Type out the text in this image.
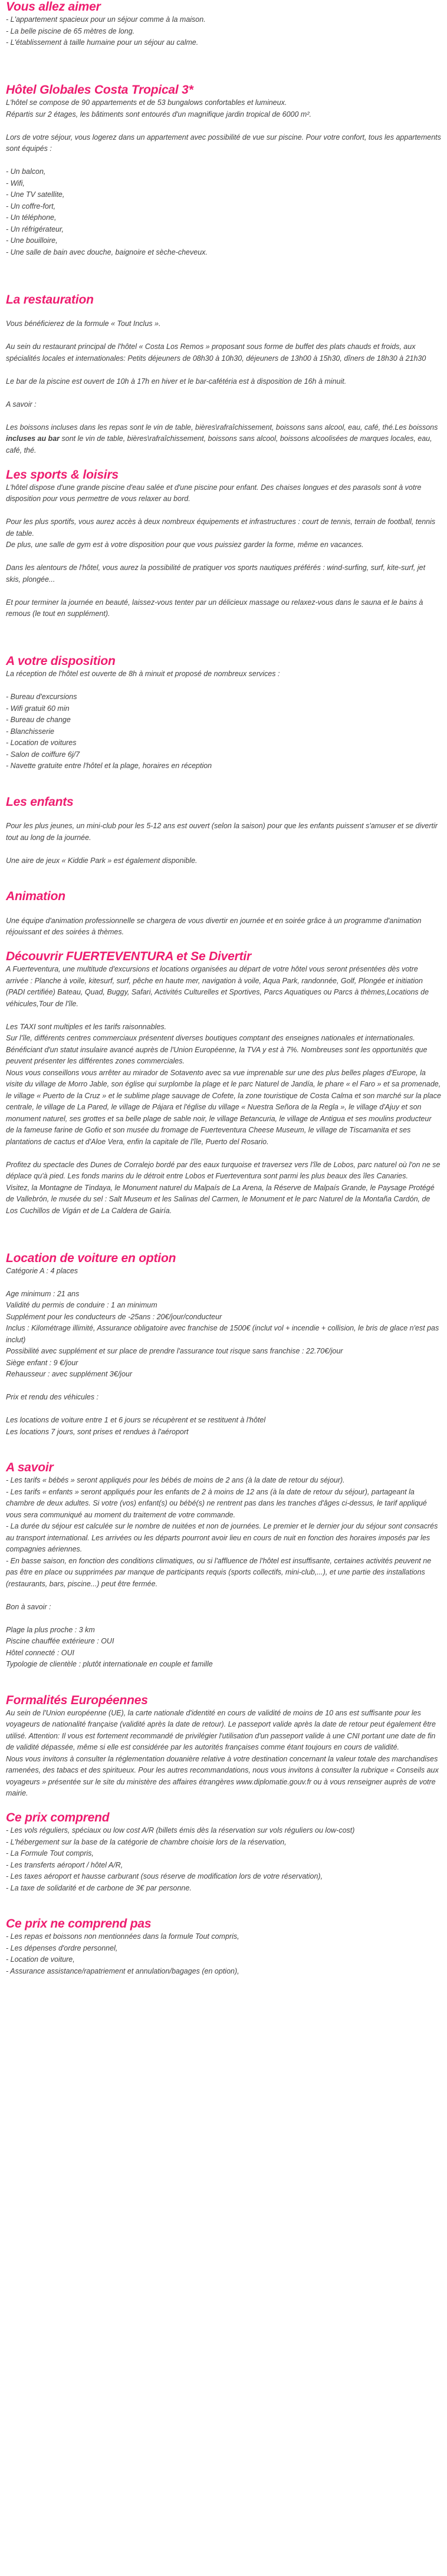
Vous allez aimer

- L'appartement spacieux pour un séjour comme à la maison.

- La belle piscine de 65 mètres de long.

- L'établissement à taille humaine pour un séjour au calme.

Hôtel Globales Costa Tropical 3*

L'hôtel se compose de 90 appartements et de 53 bungalows confortables et lumineux.

Répartis sur 2 étages, les bâtiments sont entourés d'un magnifique jardin tropical de 6000 m².

Lors de votre séjour, vous logerez dans un appartement avec possibilité de vue sur piscine. Pour votre confort, tous les appartements sont équipés :

- Un balcon,

- Wifi,

- Une TV satellite,

- Un coffre-fort,

- Un téléphone,

- Un réfrigérateur,

- Une bouilloire,

- Une salle de bain avec douche, baignoire et sèche-cheveux.

La restauration

Vous bénéficierez de la formule « Tout Inclus ».

Au sein du restaurant principal de l'hôtel « Costa Los Remos » proposant sous forme de buffet des plats chauds et froids, aux spécialités locales et internationales: Petits déjeuners de 08h30 à 10h30, déjeuners de 13h00 à 15h30, dîners de 18h30 à 21h30

Le bar de la piscine est ouvert de 10h à 17h en hiver et le bar-cafétéria est à disposition de 16h à minuit.

A savoir :

Les boissons incluses dans les repas sont le vin de table, bières\rafraîchissement, boissons sans alcool, eau, café, thé.Les boissons incluses au bar sont le vin de table, bières\rafraîchissement, boissons sans alcool, boissons alcoolisées de marques locales, eau, café, thé.

Les sports & loisirs

L'hôtel dispose d'une grande piscine d'eau salée et d'une piscine pour enfant. Des chaises longues et des parasols sont à votre disposition pour vous permettre de vous relaxer au bord.

Pour les plus sportifs, vous aurez accès à deux nombreux équipements et infrastructures : court de tennis, terrain de football, tennis de table.

De plus, une salle de gym est à votre disposition pour que vous puissiez garder la forme, même en vacances.

Dans les alentours de l'hôtel, vous aurez la possibilité de pratiquer vos sports nautiques préférés : wind-surfing, surf, kite-surf, jet skis, plongée...

Et pour terminer la journée en beauté, laissez-vous tenter par un délicieux massage ou relaxez-vous dans le sauna et le bains à remous (le tout en supplément).

A votre disposition

La réception de l'hôtel est ouverte de 8h à minuit et proposé de nombreux services :

- Bureau d'excursions

- Wifi gratuit 60 min

- Bureau de change

- Blanchisserie

- Location de voitures

- Salon de coiffure 6j/7

- Navette gratuite entre l'hôtel et la plage, horaires en réception

Les enfants

Pour les plus jeunes, un mini-club pour les 5-12 ans est ouvert (selon la saison) pour que les enfants puissent s'amuser et se divertir tout au long de la journée.

Une aire de jeux « Kiddie Park » est également disponible.

Animation

Une équipe d'animation professionnelle se chargera de vous divertir en journée et en soirée grâce à un programme d'animation réjouissant et des soirées à thèmes.

Découvrir FUERTEVENTURA et Se Divertir

A Fuerteventura, une multitude d'excursions et locations organisées au départ de votre hôtel vous seront présentées dès votre arrivée : Planche à voile, kitesurf, surf, pêche en haute mer, navigation à voile, Aqua Park, randonnée, Golf, Plongée et initiation (PADI certifiée) Bateau, Quad, Buggy, Safari, Activités Culturelles et Sportives, Parcs Aquatiques ou Parcs à thèmes,Locations de véhicules,Tour de l'île.

Les TAXI sont multiples et les tarifs raisonnables.

Sur l'île, différents centres commerciaux présentent diverses boutiques comptant des enseignes nationales et internationales.

Bénéficiant d'un statut insulaire avancé auprès de l'Union Européenne, la TVA y est à 7%. Nombreuses sont les opportunités que peuvent présenter les différentes zones commerciales.

Nous vous conseillons vous arrêter au mirador de Sotavento avec sa vue imprenable sur une des plus belles plages d'Europe, la visite du village de Morro Jable, son église qui surplombe la plage et le parc Naturel de Jandía, le phare « el Faro » et sa promenade, le village « Puerto de la Cruz » et le sublime plage sauvage de Cofete, la zone touristique de Costa Calma et son marché sur la place centrale, le village de La Pared, le village de Pájara et l'église du village « Nuestra Señora de la Regla », le village d'Ajuy et son monument naturel, ses grottes et sa belle plage de sable noir, le village Betancuria, le village de Antigua et ses moulins producteur de la fameuse farine de Gofio et son musée du fromage de Fuerteventura Cheese Museum, le village de Tiscamanita et ses plantations de cactus et d'Aloe Vera, enfin la capitale de l'île, Puerto del Rosario.

Profitez du spectacle des Dunes de Corralejo bordé par des eaux turquoise et traversez vers l'île de Lobos, parc naturel où l'on ne se déplace qu'à pied. Les fonds marins du le détroit entre Lobos et Fuerteventura sont parmi les plus beaux des îles Canaries.

Visitez, la Montagne de Tindaya, le Monument naturel du Malpaís de La Arena, la Réserve de Malpaís Grande, le Paysage Protégé de Vallebrón, le musée du sel : Salt Museum et les Salinas del Carmen, le Monument et le parc Naturel de la Montaña Cardón, de Los Cuchillos de Vigán et de La Caldera de Gairía.

Location de voiture en option

Catégorie A : 4 places

Age minimum : 21 ans

Validité du permis de conduire : 1 an minimum

Supplément pour les conducteurs de -25ans : 20€/jour/conducteur

Inclus : Kilométrage illimité, Assurance obligatoire avec franchise de 1500€ (inclut vol + incendie + collision, le bris de glace n'est pas inclut)

Possibilité avec supplément et sur place de prendre l'assurance tout risque sans franchise : 22.70€/jour

Siège enfant : 9 €/jour

Rehausseur : avec supplément 3€/jour

Prix et rendu des véhicules :

Les locations de voiture entre 1 et 6 jours se récupèrent et se restituent à l'hôtel

Les locations 7 jours, sont prises et rendues à l'aéroport

A savoir

- Les tarifs « bébés » seront appliqués pour les bébés de moins de 2 ans (à la date de retour du séjour).

- Les tarifs « enfants » seront appliqués pour les enfants de 2 à moins de 12 ans (à la date de retour du séjour), partageant la chambre de deux adultes. Si votre (vos) enfant(s) ou bébé(s) ne rentrent pas dans les tranches d'âges ci-dessus, le tarif appliqué vous sera communiqué au moment du traitement de votre commande.

- La durée du séjour est calculée sur le nombre de nuitées et non de journées. Le premier et le dernier jour du séjour sont consacrés au transport international. Les arrivées ou les départs pourront avoir lieu en cours de nuit en fonction des horaires imposés par les compagnies aériennes.

- En basse saison, en fonction des conditions climatiques, ou si l'affluence de l'hôtel est insuffisante, certaines activités peuvent ne pas être en place ou supprimées par manque de participants requis (sports collectifs, mini-club,...), et une partie des installations (restaurants, bars, piscine...) peut être fermée.

Bon à savoir :

Plage la plus proche : 3 km

Piscine chauffée extérieure : OUI

Hôtel connecté : OUI

Typologie de clientèle : plutôt internationale en couple et famille

Formalités Européennes

Au sein de l'Union européenne (UE), la carte nationale d'identité en cours de validité de moins de 10 ans est suffisante pour les voyageurs de nationalité française (validité après la date de retour). Le passeport valide après la date de retour peut également être utilisé. Attention: Il vous est fortement recommandé de privilégier l'utilisation d'un passeport valide à une CNI portant une date de fin de validité dépassée, même si elle est considérée par les autorités françaises comme étant toujours en cours de validité.

Nous vous invitons à consulter la réglementation douanière relative à votre destination concernant la valeur totale des marchandises ramenées, des tabacs et des spiritueux. Pour les autres recommandations, nous vous invitons à consulter la rubrique « Conseils aux voyageurs » présentée sur le site du ministère des affaires étrangères www.diplomatie.gouv.fr ou à vous renseigner auprès de votre mairie.

Ce prix comprend

- Les vols réguliers, spéciaux ou low cost A/R (billets émis dès la réservation sur vols réguliers ou low-cost)

- L'hébergement sur la base de la catégorie de chambre choisie lors de la réservation,

- La Formule Tout compris,

- Les transferts aéroport / hôtel A/R,

- Les taxes aéroport et hausse carburant (sous réserve de modification lors de votre réservation),

- La taxe de solidarité et de carbone de 3€ par personne.

Ce prix ne comprend pas

- Les repas et boissons non mentionnées dans la formule Tout compris,

- Les dépenses d'ordre personnel,

- Location de voiture,

- Assurance assistance/rapatriement et annulation/bagages (en option),
